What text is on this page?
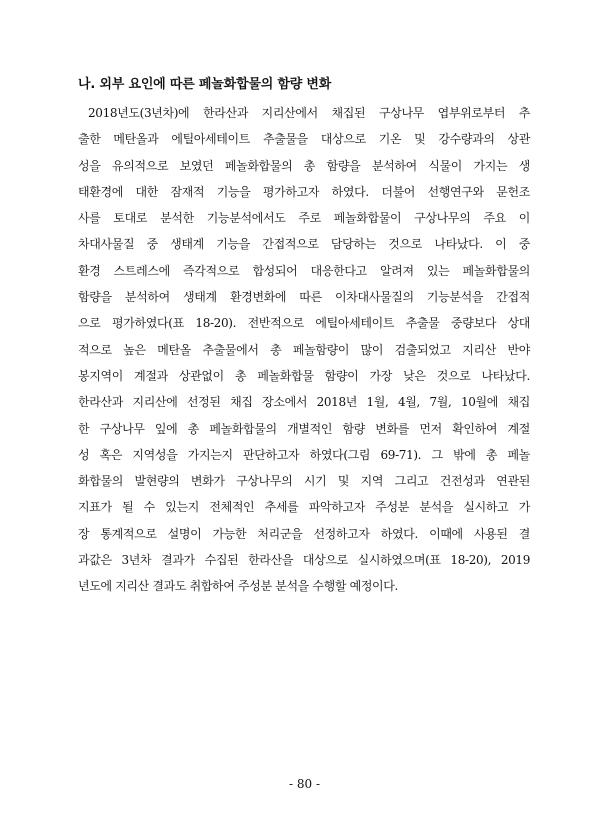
나. 외부 요인에 따른 페놀화합물의 함량 변화
2018년도(3년차)에 한라산과 지리산에서 채집된 구상나무 엽부위로부터 추
출한 메탄올과 에틸아세테이트 추출물을 대상으로 기온 및 강수량과의 상관
성을 유의적으로 보였던 페놀화합물의 총 함량을 분석하여 식물이 가지는 생
태환경에 대한 잠재적 기능을 평가하고자 하였다. 더불어 선행연구와 문헌조
사를 토대로 분석한 기능분석에서도 주로 페놀화합물이 구상나무의 주요 이
차대사물질 중 생태계 기능을 간접적으로 담당하는 것으로 나타났다. 이 중
환경 스트레스에 즉각적으로 합성되어 대응한다고 알려져 있는 페놀화합물의
함량을 분석하여 생태계 환경변화에 따른 이차대사물질의 기능분석을 간접적
으로 평가하였다(표 18-20). 전반적으로 에틸아세테이트 추출물 중량보다 상대
적으로 높은 메탄올 추출물에서 총 페놀함량이 많이 검출되었고 지리산 반야
봉지역이 계절과 상관없이 총 페놀화합물 함량이 가장 낮은 것으로 나타났다.
한라산과 지리산에 선정된 채집 장소에서 2018년 1월, 4월, 7월, 10월에 채집
한 구상나무 잎에 총 페놀화합물의 개별적인 함량 변화를 먼저 확인하여 계절
성 혹은 지역성을 가지는지 판단하고자 하였다(그림 69-71). 그 밖에 총 페놀
화합물의 발현량의 변화가 구상나무의 시기 및 지역 그리고 건전성과 연관된
지표가 될 수 있는지 전체적인 추세를 파악하고자 주성분 분석을 실시하고 가
장 통계적으로 설명이 가능한 처리군을 선정하고자 하였다. 이때에 사용된 결
과값은 3년차 결과가 수집된 한라산을 대상으로 실시하였으며(표 18-20), 2019
년도에 지리산 결과도 취합하여 주성분 분석을 수행할 예정이다.

- 80 -
